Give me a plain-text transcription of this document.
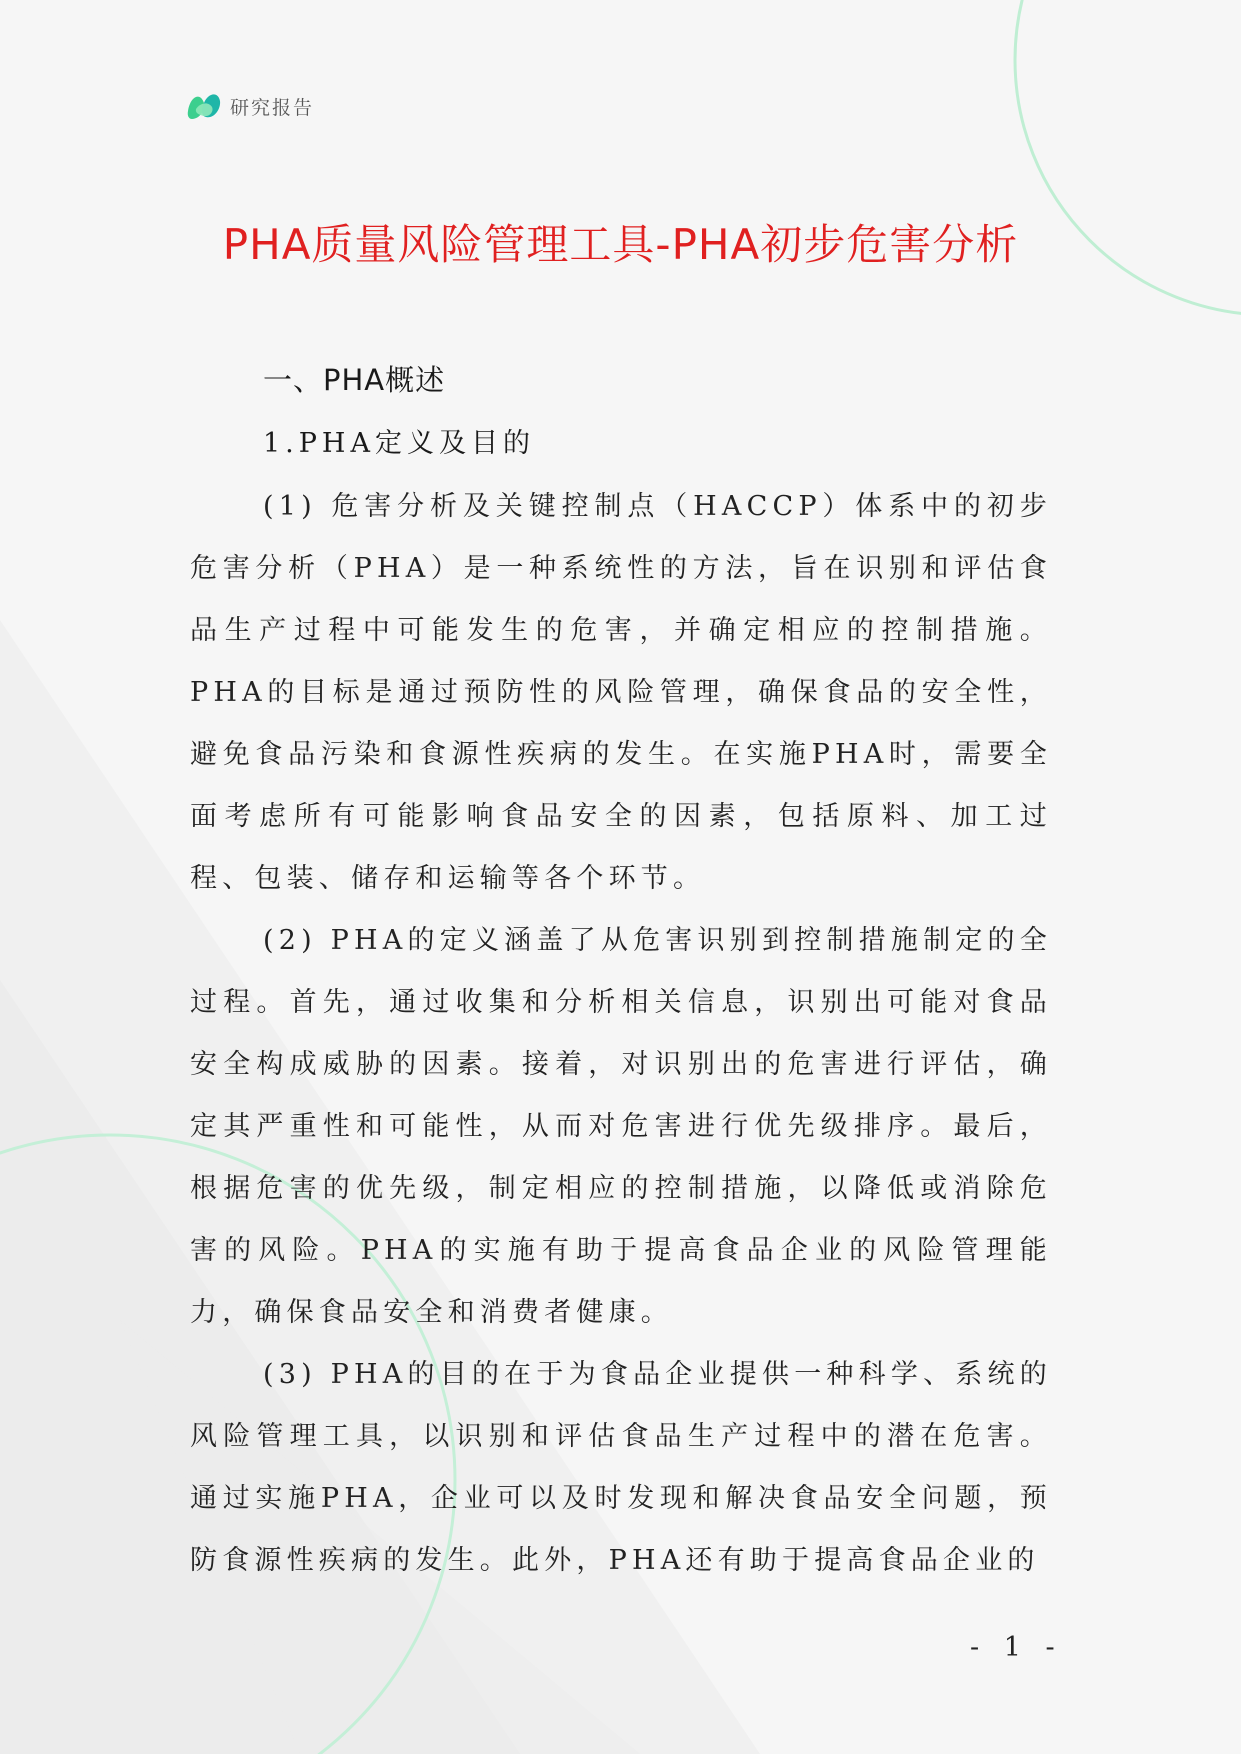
研究报告
PHA质量风险管理工具-PHA初步危害分析
一、PHA概述
1.PHA定义及目的

(1) 危害分析及关键控制点（HACCP）体系中的初步危害分析（PHA）是一种系统性的方法，旨在识别和评估食品生产过程中可能发生的危害，并确定相应的控制措施。PHA的目标是通过预防性的风险管理，确保食品的安全性，避免食品污染和食源性疾病的发生。在实施PHA时，需要全面考虑所有可能影响食品安全的因素，包括原料、加工过程、包装、储存和运输等各个环节。

(2) PHA的定义涵盖了从危害识别到控制措施制定的全过程。首先，通过收集和分析相关信息，识别出可能对食品安全构成威胁的因素。接着，对识别出的危害进行评估，确定其严重性和可能性，从而对危害进行优先级排序。最后，根据危害的优先级，制定相应的控制措施，以降低或消除危害的风险。PHA的实施有助于提高食品企业的风险管理能力，确保食品安全和消费者健康。

(3) PHA的目的在于为食品企业提供一种科学、系统的风险管理工具，以识别和评估食品生产过程中的潜在危害。通过实施PHA，企业可以及时发现和解决食品安全问题，预防食源性疾病的发生。此外，PHA还有助于提高食品企业的

- 1 -
